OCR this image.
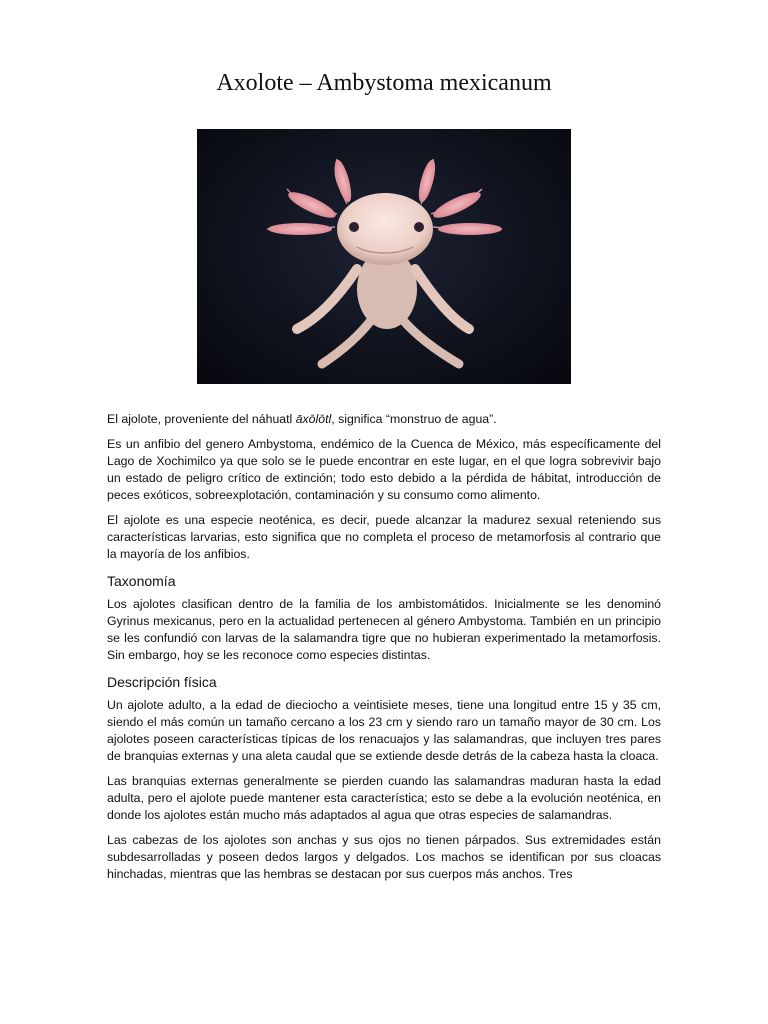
Axolote – Ambystoma mexicanum

El ajolote, proveniente del náhuatl āxōlōtl, significa “monstruo de agua”.

Es un anfibio del genero Ambystoma, endémico de la Cuenca de México, más específicamente del Lago de Xochimilco ya que solo se le puede encontrar en este lugar, en el que logra sobrevivir bajo un estado de peligro crítico de extinción; todo esto debido a la pérdida de hábitat, introducción de peces exóticos, sobreexplotación, contaminación y su consumo como alimento.

El ajolote es una especie neoténica, es decir, puede alcanzar la madurez sexual reteniendo sus características larvarias, esto significa que no completa el proceso de metamorfosis al contrario que la mayoría de los anfibios.

Taxonomía

Los ajolotes clasifican dentro de la familia de los ambistomátidos. Inicialmente se les denominó Gyrinus mexicanus, pero en la actualidad pertenecen al género Ambystoma. También en un principio se les confundió con larvas de la salamandra tigre que no hubieran experimentado la metamorfosis. Sin embargo, hoy se les reconoce como especies distintas.

Descripción física

Un ajolote adulto, a la edad de dieciocho a veintisiete meses, tiene una longitud entre 15 y 35 cm, siendo el más común un tamaño cercano a los 23 cm y siendo raro un tamaño mayor de 30 cm. Los ajolotes poseen características típicas de los renacuajos y las salamandras, que incluyen tres pares de branquias externas y una aleta caudal que se extiende desde detrás de la cabeza hasta la cloaca.

Las branquias externas generalmente se pierden cuando las salamandras maduran hasta la edad adulta, pero el ajolote puede mantener esta característica; esto se debe a la evolución neoténica, en donde los ajolotes están mucho más adaptados al agua que otras especies de salamandras.

Las cabezas de los ajolotes son anchas y sus ojos no tienen párpados. Sus extremidades están subdesarrolladas y poseen dedos largos y delgados. Los machos se identifican por sus cloacas hinchadas, mientras que las hembras se destacan por sus cuerpos más anchos. Tres
